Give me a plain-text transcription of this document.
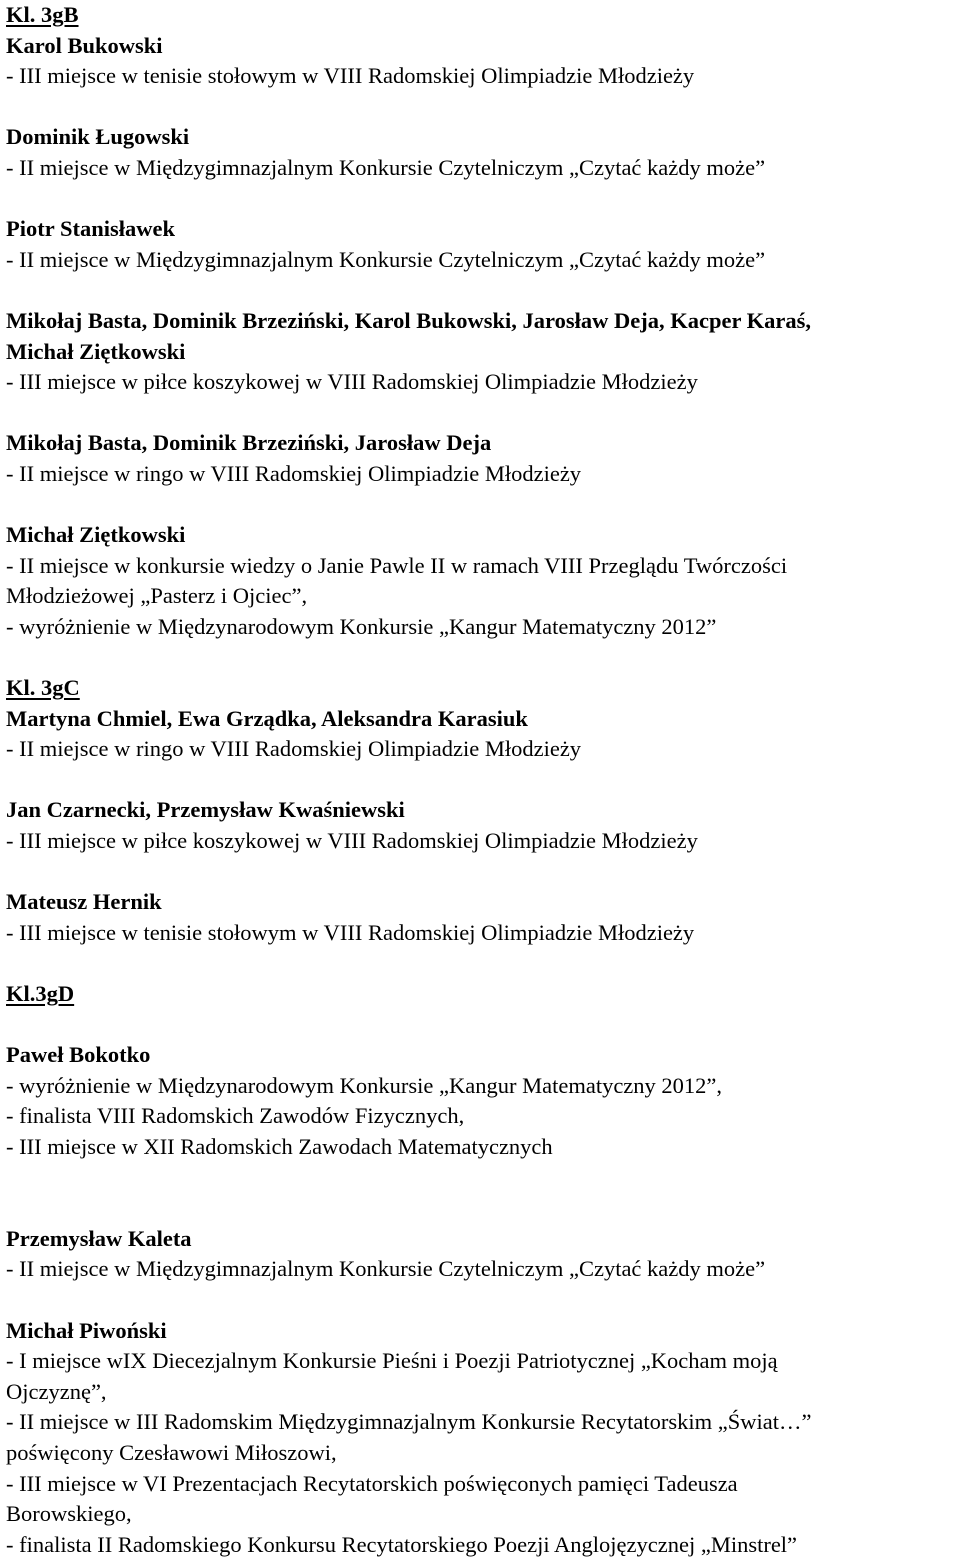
Kl. 3gB
Karol Bukowski
- III miejsce w tenisie stołowym w VIII Radomskiej Olimpiadzie Młodzieży
Dominik Ługowski
- II miejsce w Międzygimnazjalnym Konkursie Czytelniczym „Czytać każdy może”
Piotr Stanisławek
- II miejsce w Międzygimnazjalnym Konkursie Czytelniczym „Czytać każdy może”
Mikołaj Basta, Dominik Brzeziński, Karol Bukowski, Jarosław Deja, Kacper Karaś,
Michał Ziętkowski
- III miejsce w piłce koszykowej w VIII Radomskiej Olimpiadzie Młodzieży
Mikołaj Basta, Dominik Brzeziński, Jarosław Deja
- II miejsce w ringo w VIII Radomskiej Olimpiadzie Młodzieży
Michał Ziętkowski
- II miejsce w konkursie wiedzy o Janie Pawle II w ramach VIII Przeglądu Twórczości
Młodzieżowej „Pasterz i Ojciec”,
- wyróżnienie w Międzynarodowym Konkursie „Kangur Matematyczny 2012”
Kl. 3gC
Martyna Chmiel, Ewa Grządka, Aleksandra Karasiuk
- II miejsce w ringo w VIII Radomskiej Olimpiadzie Młodzieży
Jan Czarnecki, Przemysław Kwaśniewski
- III miejsce w piłce koszykowej w VIII Radomskiej Olimpiadzie Młodzieży
Mateusz Hernik
- III miejsce w tenisie stołowym w VIII Radomskiej Olimpiadzie Młodzieży
Kl.3gD
Paweł Bokotko
- wyróżnienie w Międzynarodowym Konkursie „Kangur Matematyczny 2012”,
- finalista VIII Radomskich Zawodów Fizycznych,
- III miejsce w XII Radomskich Zawodach Matematycznych
Przemysław Kaleta
- II miejsce w Międzygimnazjalnym Konkursie Czytelniczym „Czytać każdy może”
Michał Piwoński
- I miejsce wIX Diecezjalnym Konkursie Pieśni i Poezji Patriotycznej „Kocham moją
Ojczyznę”,
- II miejsce w III Radomskim Międzygimnazjalnym Konkursie Recytatorskim „Świat…”
poświęcony Czesławowi Miłoszowi,
- III miejsce w VI Prezentacjach Recytatorskich poświęconych pamięci Tadeusza
Borowskiego,
- finalista II Radomskiego Konkursu Recytatorskiego Poezji Anglojęzycznej „Minstrel”
